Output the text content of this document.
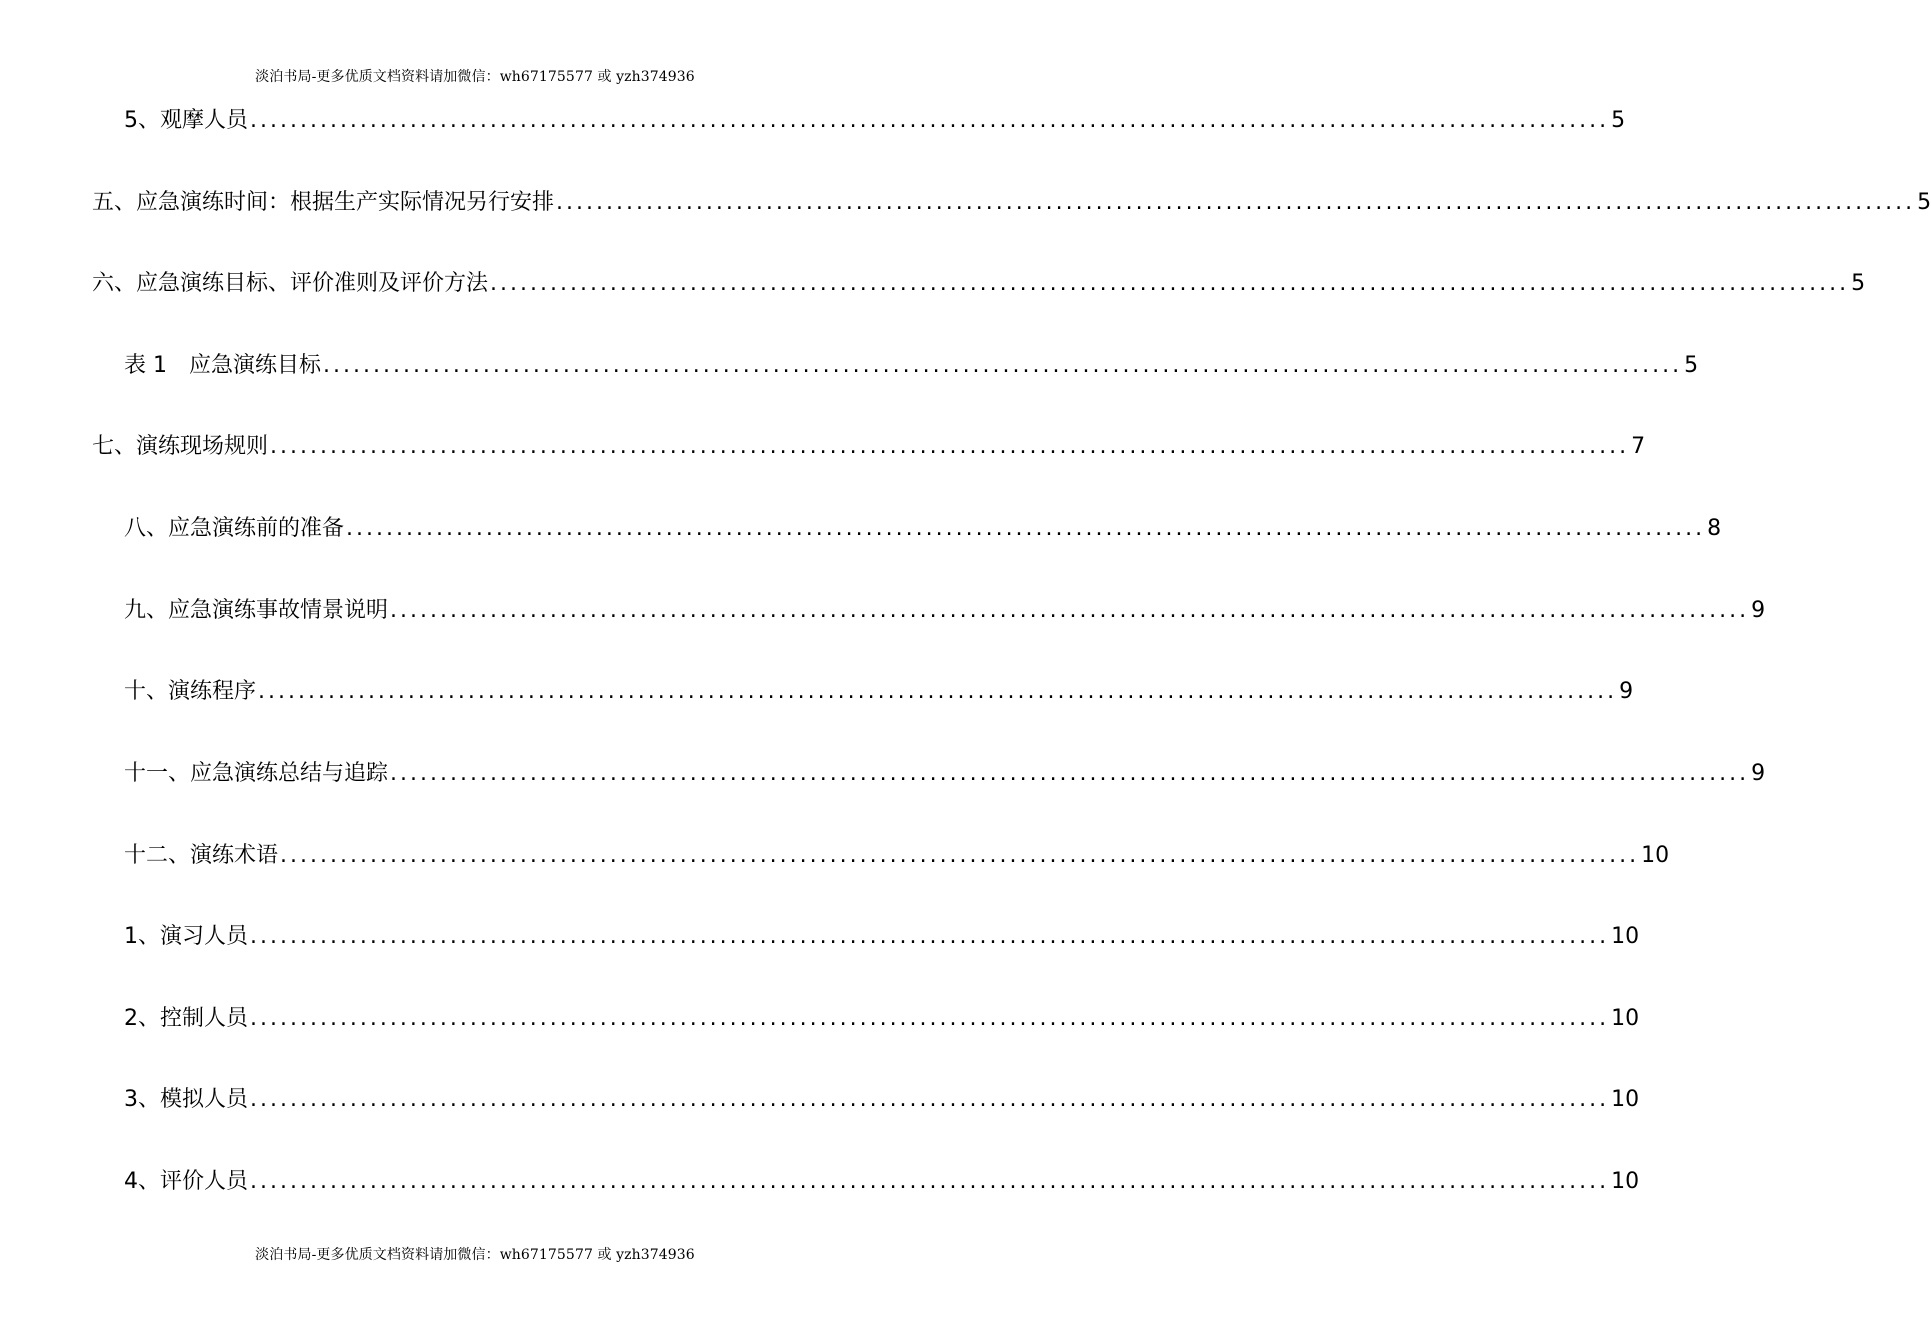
淡泊书局-更多优质文档资料请加微信：wh67175577 或 yzh374936
5、观摩人员 ........................................................................................................................................ 5
五、应急演练时间：根据生产实际情况另行安排 ........................................................................................................................................ 5
六、应急演练目标、评价准则及评价方法 ........................................................................................................................................ 5
表 1　应急演练目标 ........................................................................................................................................ 5
七、演练现场规则 ........................................................................................................................................ 7
八、应急演练前的准备 ........................................................................................................................................ 8
九、应急演练事故情景说明 ........................................................................................................................................ 9
十、演练程序 ........................................................................................................................................ 9
十一、应急演练总结与追踪 ........................................................................................................................................ 9
十二、演练术语 ........................................................................................................................................ 10
1、演习人员 ........................................................................................................................................ 10
2、控制人员 ........................................................................................................................................ 10
3、模拟人员 ........................................................................................................................................ 10
4、评价人员 ........................................................................................................................................ 10
淡泊书局-更多优质文档资料请加微信：wh67175577 或 yzh374936
